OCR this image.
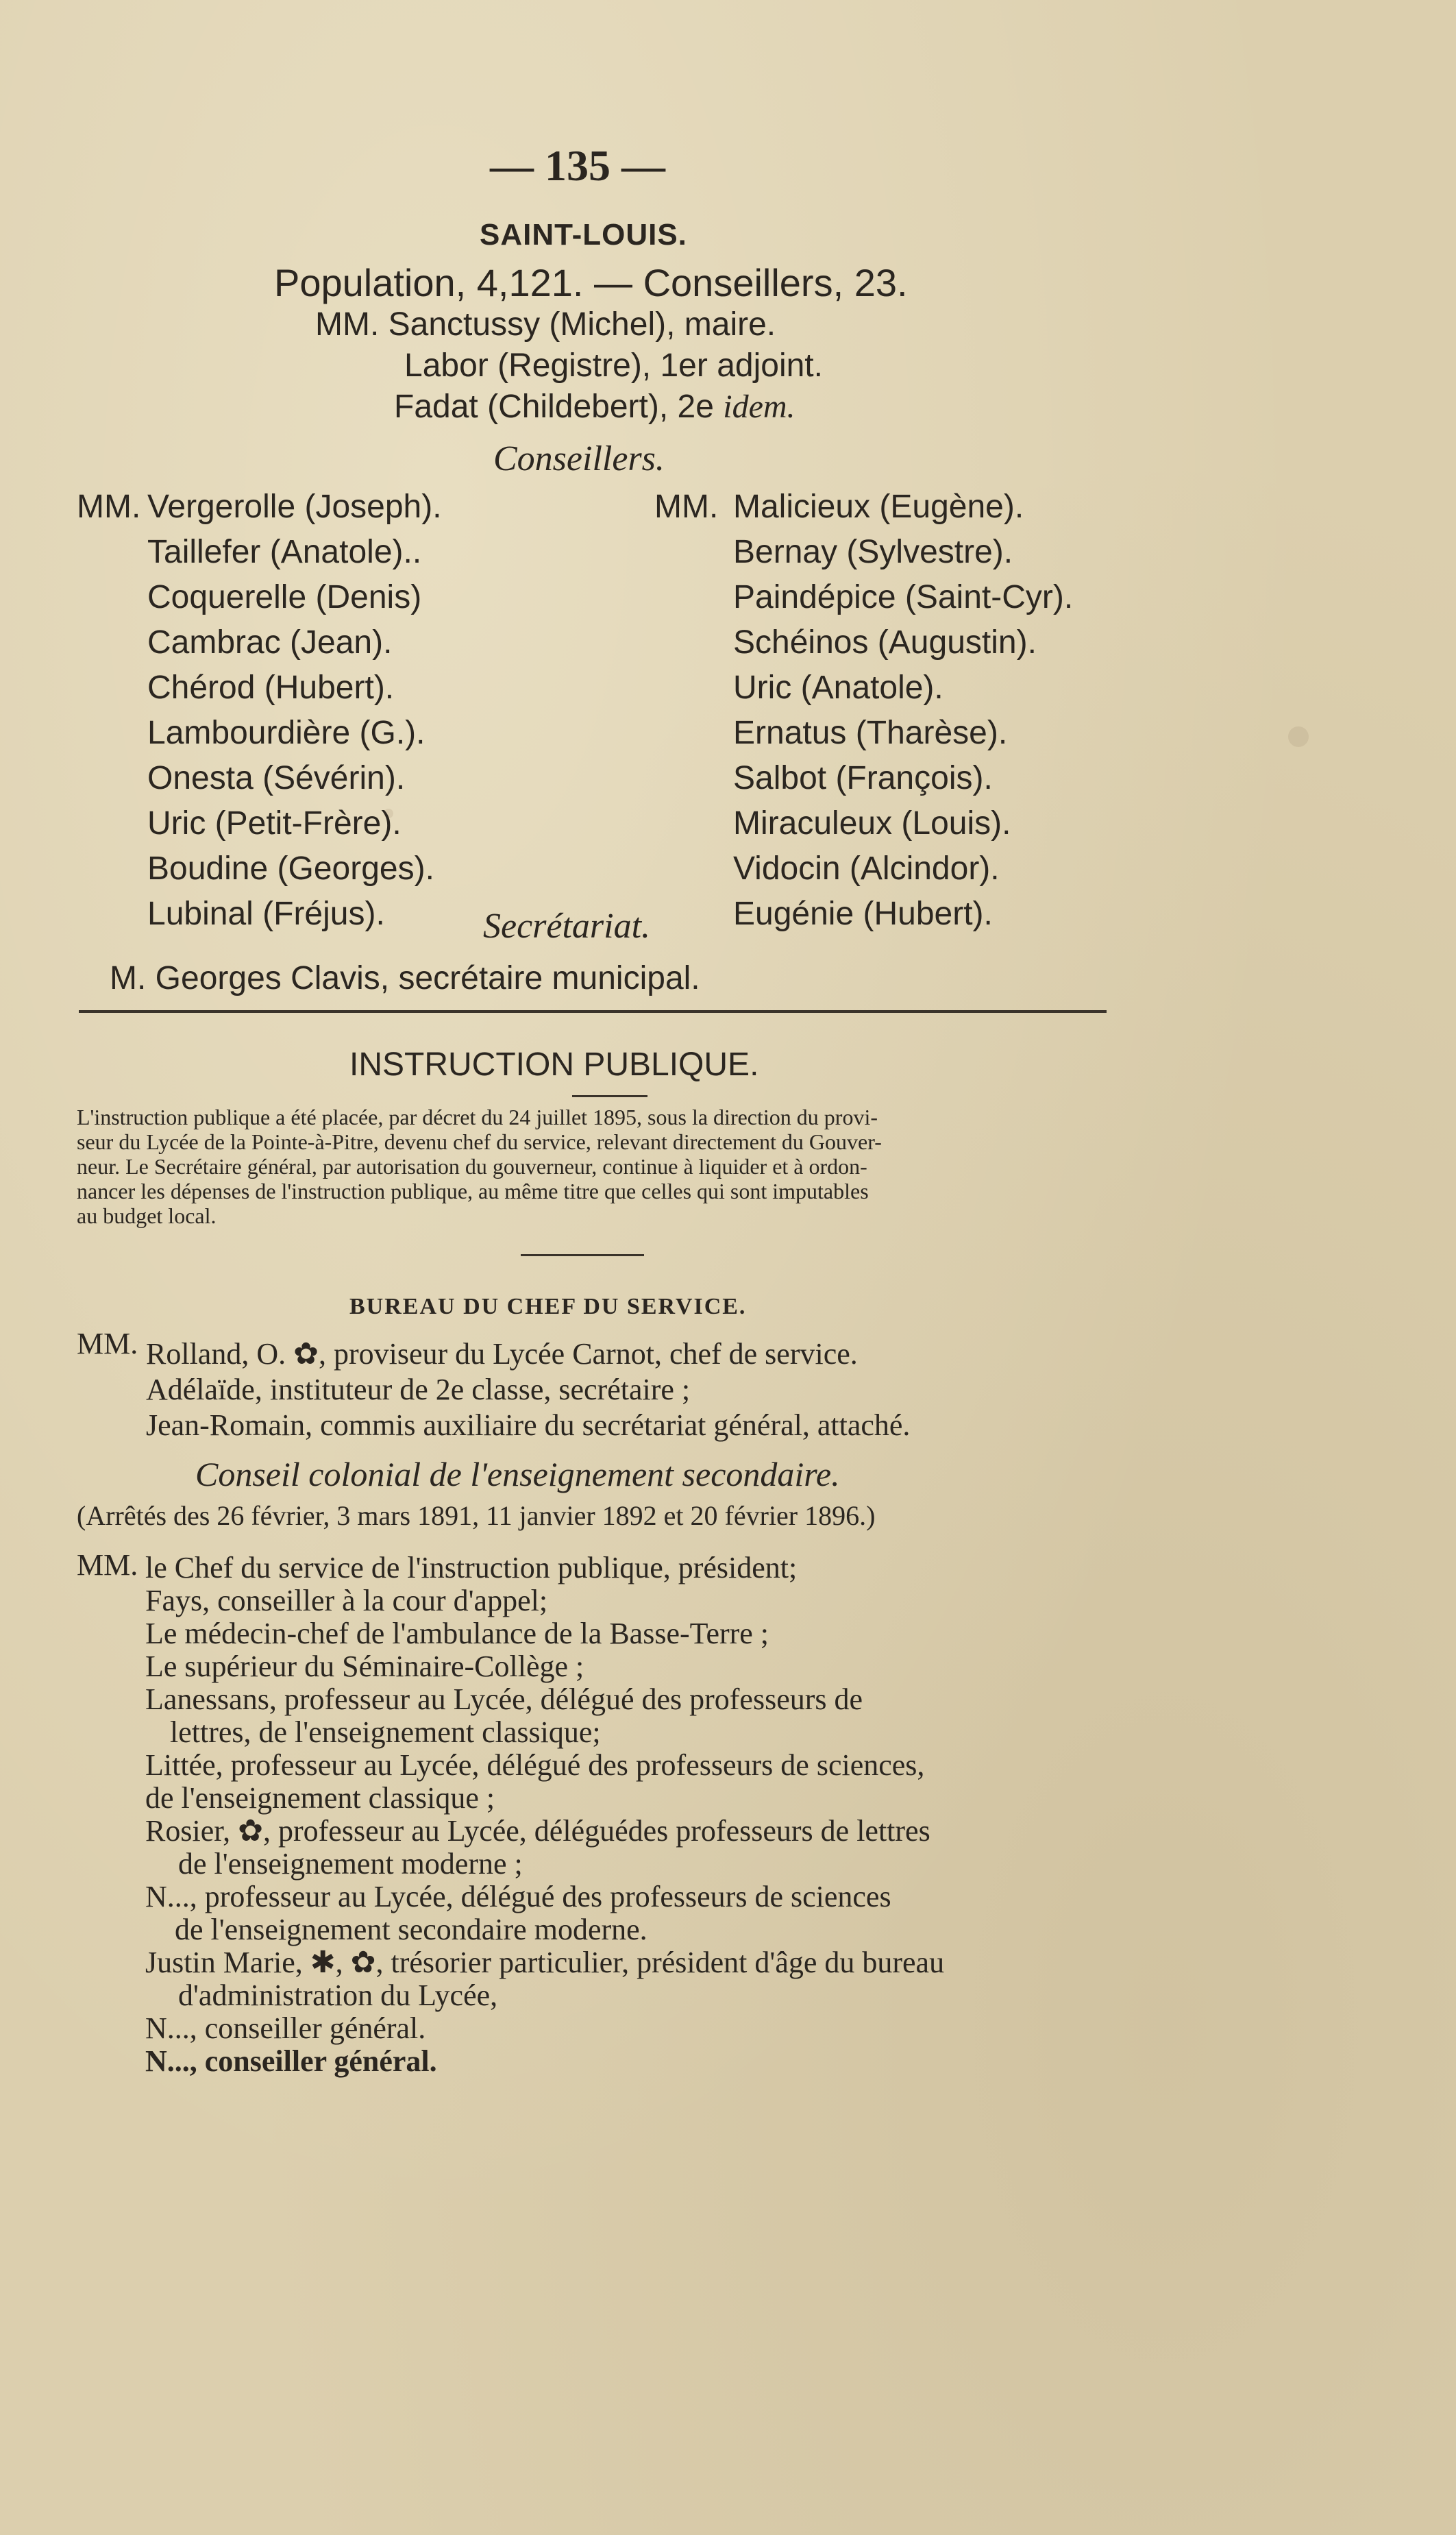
— 135 —
SAINT-LOUIS.
Population, 4,121. — Conseillers, 23.
MM. Sanctussy (Michel), maire.
Labor (Registre), 1er adjoint.
Fadat (Childebert), 2e idem.
Conseillers.
MM.	MM.
Vergerolle (Joseph).
Taillefer (Anatole)..
Coquerelle (Denis)
Cambrac (Jean).
Chérod (Hubert).
Lambourdière (G.).
Onesta (Sévérin).
Uric (Petit-Frère).
Boudine (Georges).
Lubinal (Fréjus).
Malicieux (Eugène).
Bernay (Sylvestre).
Paindépice (Saint-Cyr).
Schéinos (Augustin).
Uric (Anatole).
Ernatus (Tharèse).
Salbot (François).
Miraculeux (Louis).
Vidocin (Alcindor).
Eugénie (Hubert).
Secrétariat.
M. Georges Clavis, secrétaire municipal.
INSTRUCTION PUBLIQUE.
L'instruction publique a été placée, par décret du 24 juillet 1895, sous la direction du provi-
seur du Lycée de la Pointe-à-Pitre, devenu chef du service, relevant directement du Gouver-
neur. Le Secrétaire général, par autorisation du gouverneur, continue à liquider et à ordon-
nancer les dépenses de l'instruction publique, au même titre que celles qui sont imputables
au budget local.
BUREAU DU CHEF DU SERVICE.
MM. Rolland, O. ✿, proviseur du Lycée Carnot, chef de service.
Adélaïde, instituteur de 2e classe, secrétaire ;
Jean-Romain, commis auxiliaire du secrétariat général, attaché.
Conseil colonial de l'enseignement secondaire.
(Arrêtés des 26 février, 3 mars 1891, 11 janvier 1892 et 20 février 1896.)
MM. le Chef du service de l'instruction publique, président;
Fays, conseiller à la cour d'appel;
Le médecin-chef de l'ambulance de la Basse-Terre ;
Le supérieur du Séminaire-Collège ;
Lanessans, professeur au Lycée, délégué des professeurs de
lettres, de l'enseignement classique;
Littée, professeur au Lycée, délégué des professeurs de sciences,
de l'enseignement classique ;
Rosier, ✿, professeur au Lycée, déléguédes professeurs de lettres
de l'enseignement moderne ;
N..., professeur au Lycée, délégué des professeurs de sciences
de l'enseignement secondaire moderne.
Justin Marie, ✱, ✿, trésorier particulier, président d'âge du bureau
d'administration du Lycée,
N..., conseiller général.
N..., conseiller général.
